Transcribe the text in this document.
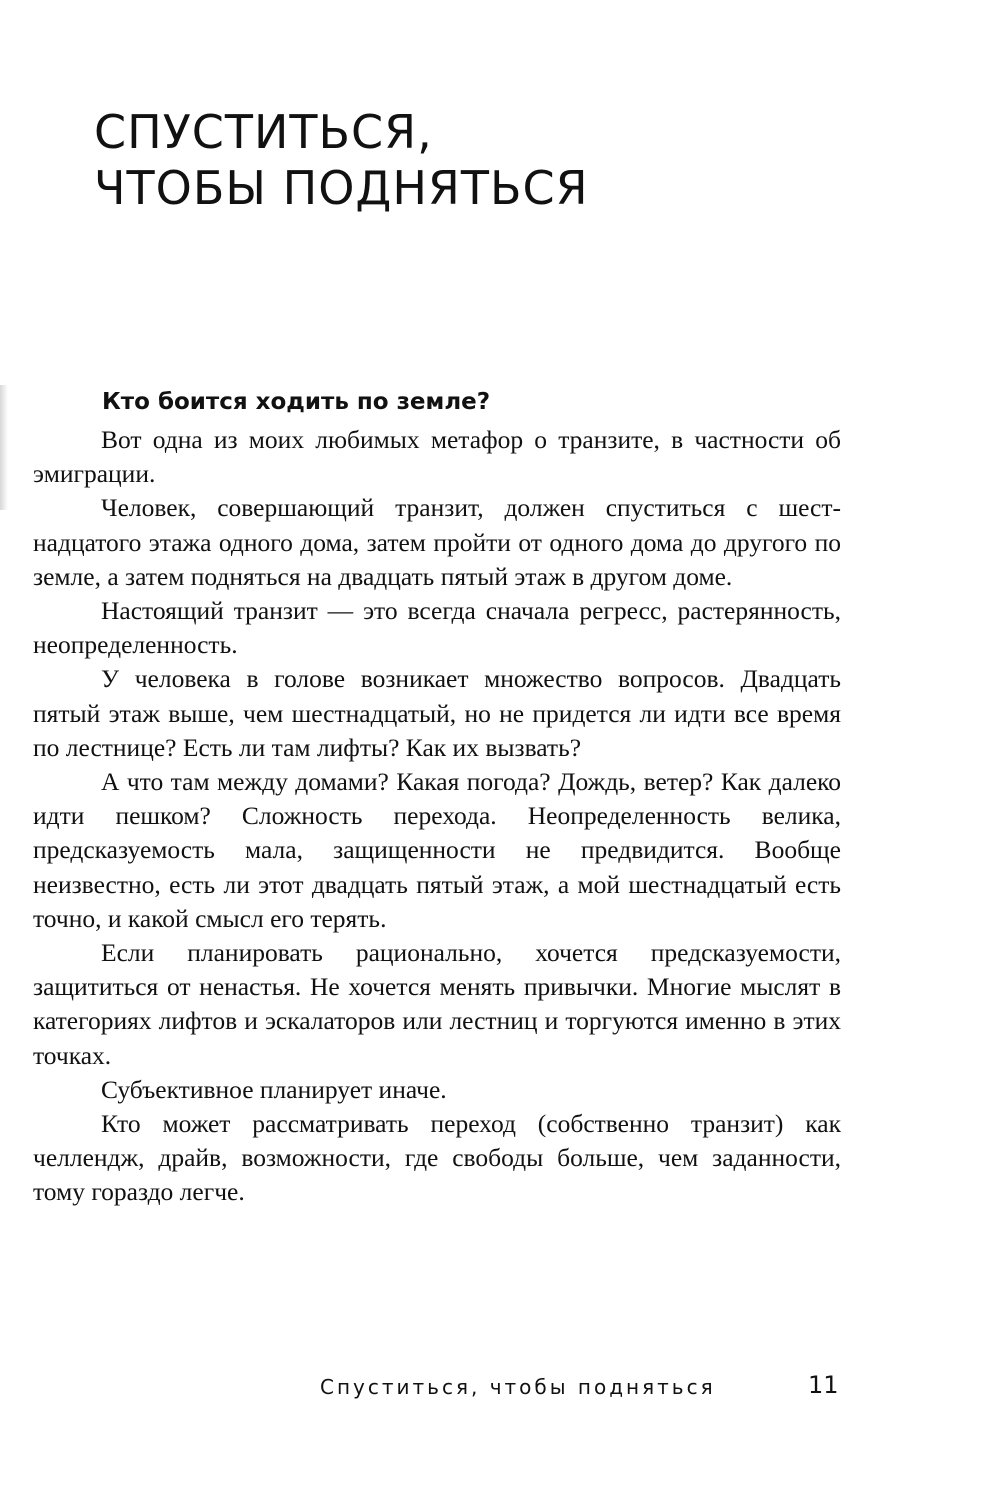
СПУСТИТЬСЯ,
ЧТОБЫ ПОДНЯТЬСЯ
Кто боится ходить по земле?

Вот одна из моих любимых метафор о транзите, в частности об эмиграции.

Человек, совершающий транзит, должен спуститься с шестнадцатого этажа одного дома, затем пройти от одного дома до другого по земле, а затем подняться на двадцать пятый этаж в другом доме.

Настоящий транзит — это всегда сначала регресс, растерянность, неопределенность.

У человека в голове возникает множество вопросов. Двадцать пятый этаж выше, чем шестнадцатый, но не придется ли идти все время по лестнице? Есть ли там лифты? Как их вызвать?

А что там между домами? Какая погода? Дождь, ветер? Как далеко идти пешком? Сложность перехода. Неопределенность велика, предсказуемость мала, защищенности не предвидится. Вообще неизвестно, есть ли этот двадцать пятый этаж, а мой шестнадцатый есть точно, и какой смысл его терять.

Если планировать рационально, хочется предсказуемости, защититься от ненастья. Не хочется менять привычки. Многие мыслят в категориях лифтов и эскалаторов или лестниц и торгуются именно в этих точках.

Субъективное планирует иначе.

Кто может рассматривать переход (собственно транзит) как челлендж, драйв, возможности, где свободы больше, чем заданности, тому гораздо легче.

Спуститься, чтобы подняться	11
